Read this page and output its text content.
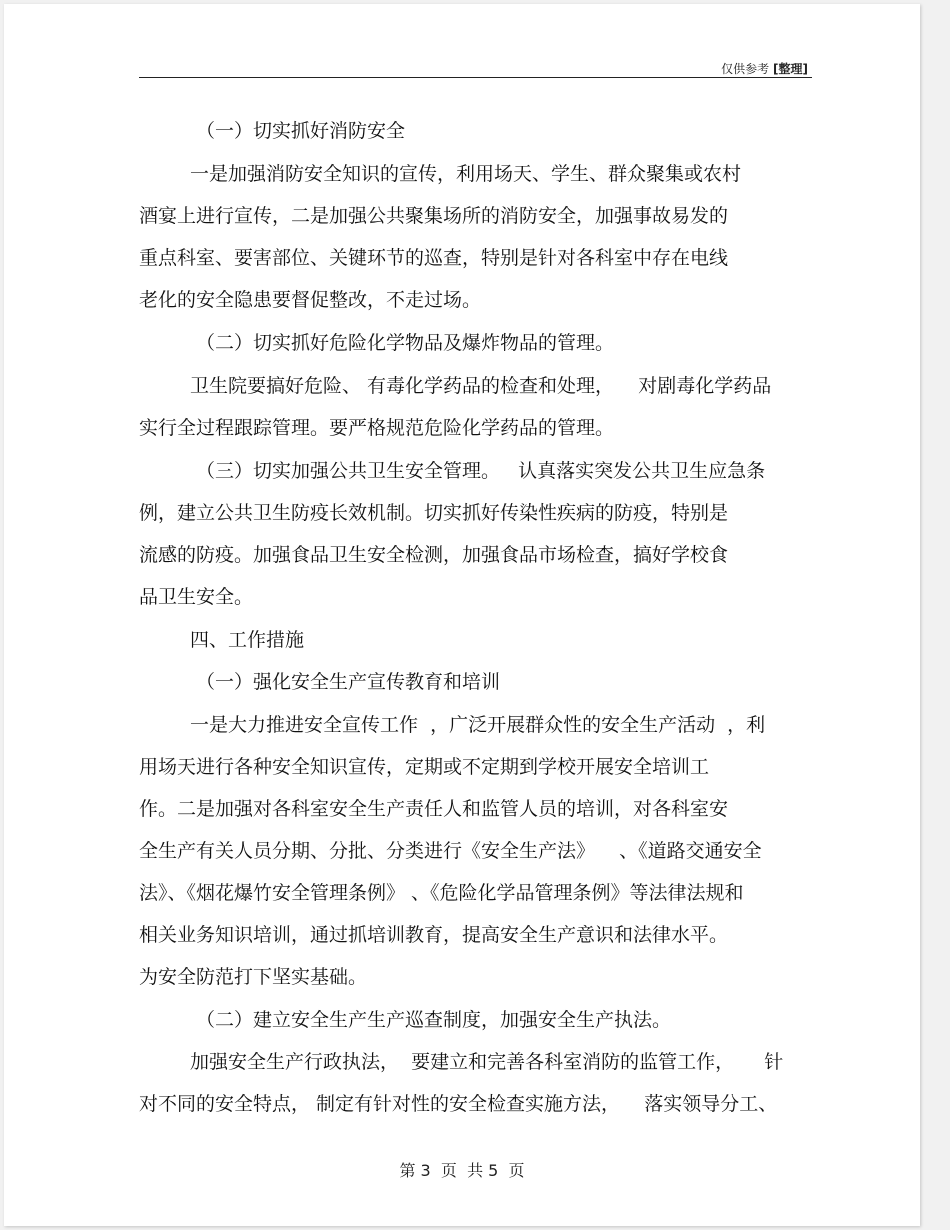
仅供参考 [整理]
（一）切实抓好消防安全
一是加强消防安全知识的宣传，利用场天、学生、群众聚集或农村
酒宴上进行宣传，二是加强公共聚集场所的消防安全，加强事故易发的
重点科室、要害部位、关键环节的巡查，特别是针对各科室中存在电线
老化的安全隐患要督促整改，不走过场。
（二）切实抓好危险化学物品及爆炸物品的管理。
卫生院要搞好危险、 有毒化学药品的检查和处理，    对剧毒化学药品
实行全过程跟踪管理。要严格规范危险化学药品的管理。
（三）切实加强公共卫生安全管理。   认真落实突发公共卫生应急条
例，建立公共卫生防疫长效机制。切实抓好传染性疾病的防疫，特别是
流感的防疫。加强食品卫生安全检测，加强食品市场检查，搞好学校食
品卫生安全。
四、工作措施
（一）强化安全生产宣传教育和培训
一是大力推进安全宣传工作  ，广泛开展群众性的安全生产活动  ，利
用场天进行各种安全知识宣传，定期或不定期到学校开展安全培训工
作。二是加强对各科室安全生产责任人和监管人员的培训，对各科室安
全生产有关人员分期、分批、分类进行《安全生产法》    、《道路交通安全
法》、《烟花爆竹安全管理条例》 、《危险化学品管理条例》等法律法规和
相关业务知识培训，通过抓培训教育，提高安全生产意识和法律水平。
为安全防范打下坚实基础。
（二）建立安全生产生产巡查制度，加强安全生产执法。
加强安全生产行政执法，  要建立和完善各科室消防的监管工作，     针
对不同的安全特点， 制定有针对性的安全检查实施方法，    落实领导分工、
第 3  页  共 5  页
